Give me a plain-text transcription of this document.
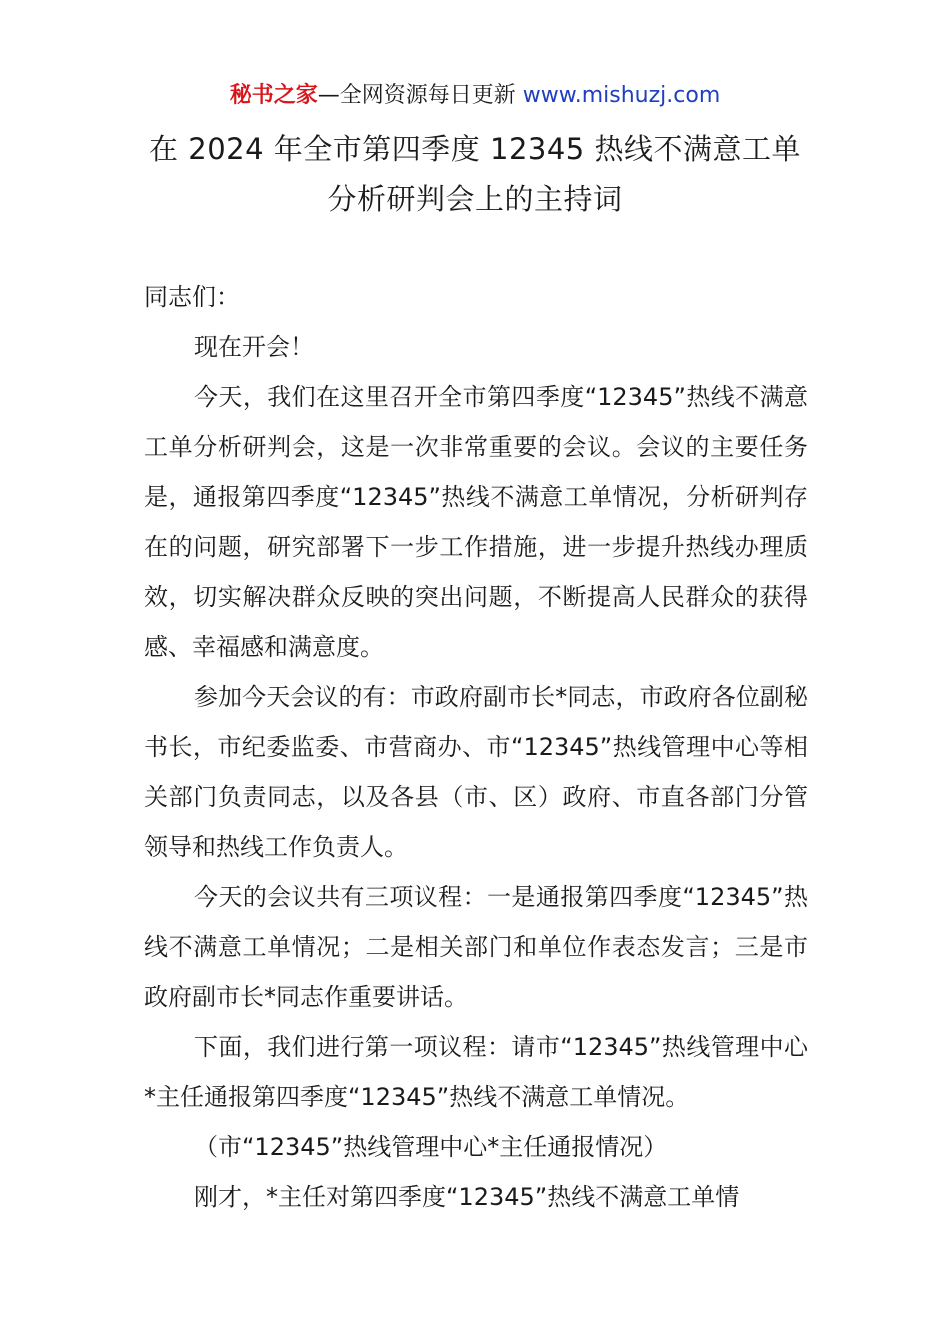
秘书之家—全网资源每日更新 www.mishuzj.com
在 2024 年全市第四季度 12345 热线不满意工单
分析研判会上的主持词

同志们：

现在开会！

今天，我们在这里召开全市第四季度“12345”热线不满意工单分析研判会，这是一次非常重要的会议。会议的主要任务是，通报第四季度“12345”热线不满意工单情况，分析研判存在的问题，研究部署下一步工作措施，进一步提升热线办理质效，切实解决群众反映的突出问题，不断提高人民群众的获得感、幸福感和满意度。

参加今天会议的有：市政府副市长*同志，市政府各位副秘书长，市纪委监委、市营商办、市“12345”热线管理中心等相关部门负责同志，以及各县（市、区）政府、市直各部门分管领导和热线工作负责人。

今天的会议共有三项议程：一是通报第四季度“12345”热线不满意工单情况；二是相关部门和单位作表态发言；三是市政府副市长*同志作重要讲话。

下面，我们进行第一项议程：请市“12345”热线管理中心*主任通报第四季度“12345”热线不满意工单情况。

（市“12345”热线管理中心*主任通报情况）

刚才，*主任对第四季度“12345”热线不满意工单情
